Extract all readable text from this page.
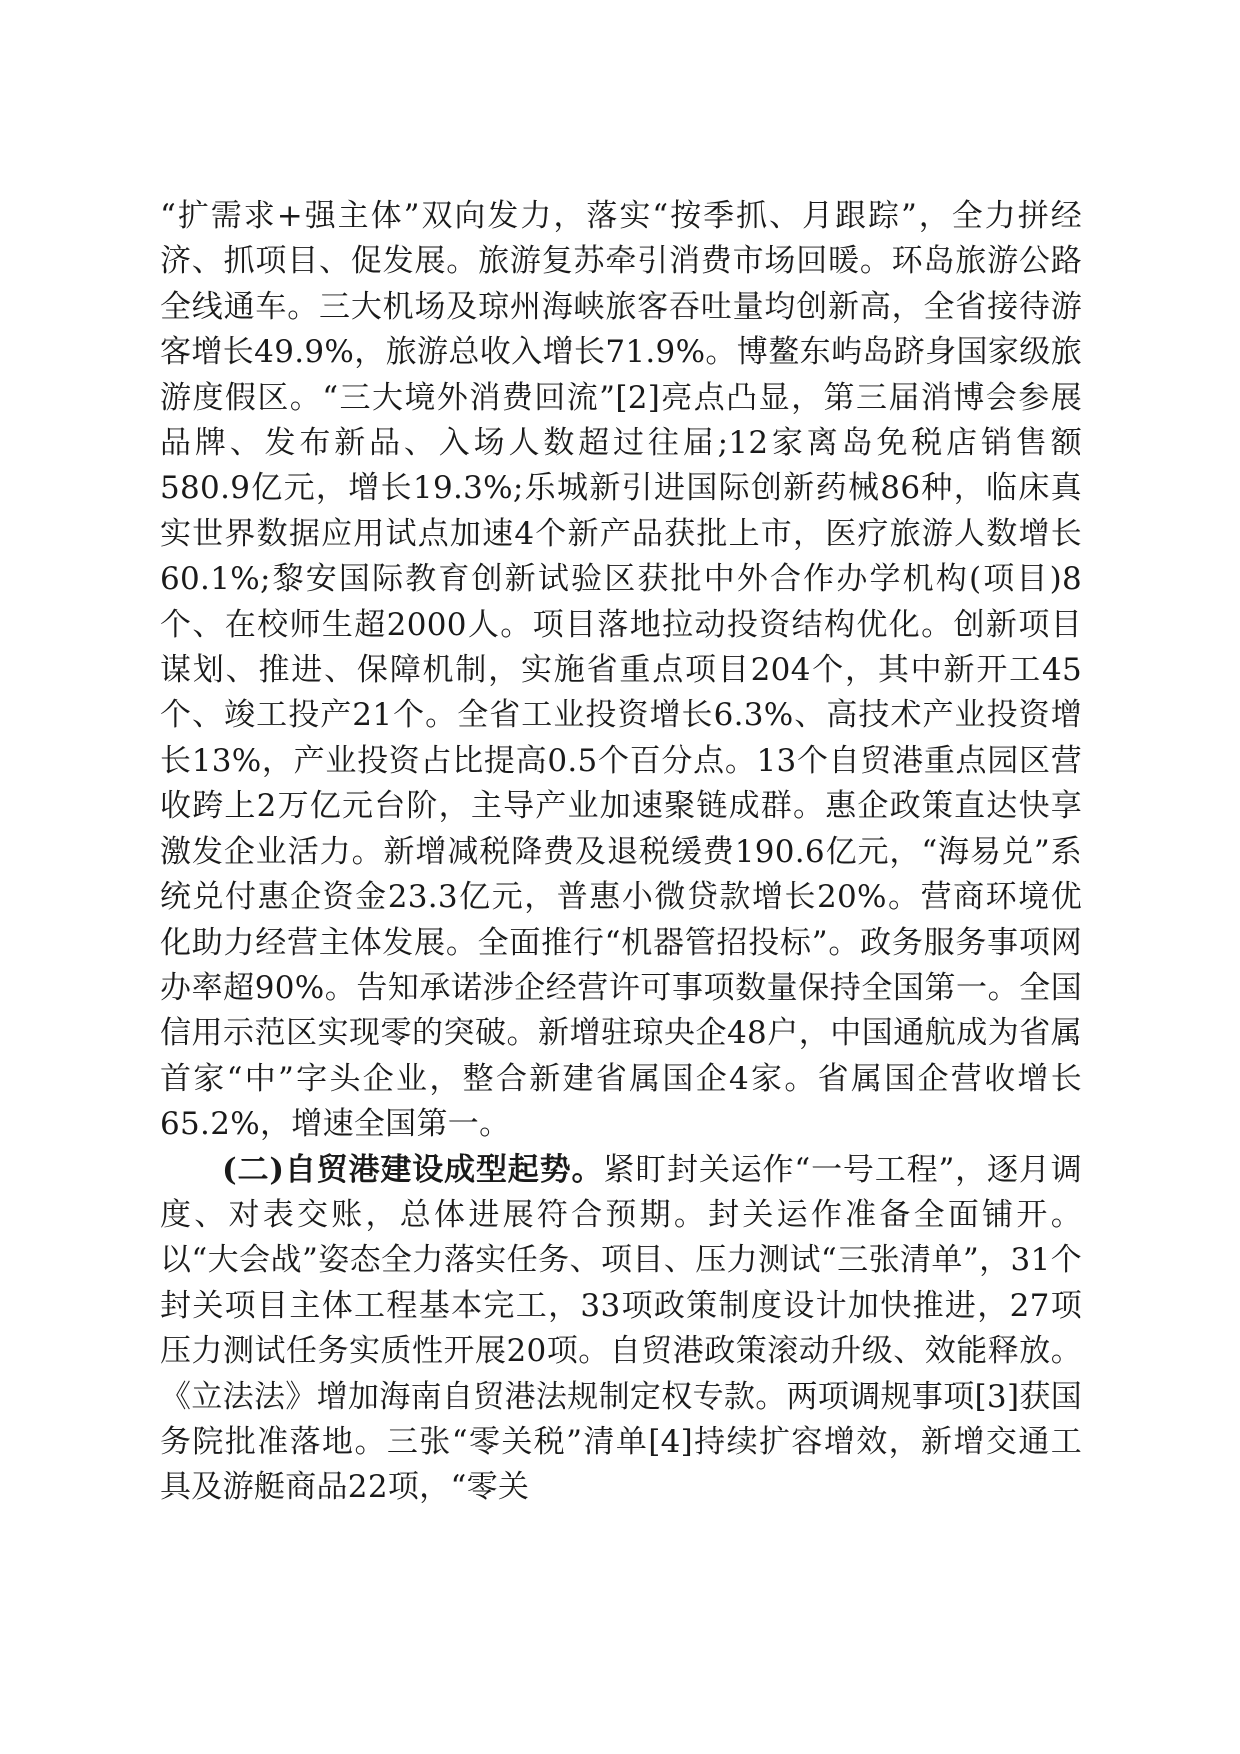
“扩需求+强主体”双向发力，落实“按季抓、月跟踪”，全力拼经济、抓项目、促发展。旅游复苏牵引消费市场回暖。环岛旅游公路全线通车。三大机场及琼州海峡旅客吞吐量均创新高，全省接待游客增长49.9%，旅游总收入增长71.9%。博鳌东屿岛跻身国家级旅游度假区。“三大境外消费回流”[2]亮点凸显，第三届消博会参展品牌、发布新品、入场人数超过往届;12家离岛免税店销售额580.9亿元，增长19.3%;乐城新引进国际创新药械86种，临床真实世界数据应用试点加速4个新产品获批上市，医疗旅游人数增长60.1%;黎安国际教育创新试验区获批中外合作办学机构(项目)8个、在校师生超2000人。项目落地拉动投资结构优化。创新项目谋划、推进、保障机制，实施省重点项目204个，其中新开工45个、竣工投产21个。全省工业投资增长6.3%、高技术产业投资增长13%，产业投资占比提高0.5个百分点。13个自贸港重点园区营收跨上2万亿元台阶，主导产业加速聚链成群。惠企政策直达快享激发企业活力。新增减税降费及退税缓费190.6亿元，“海易兑”系统兑付惠企资金23.3亿元，普惠小微贷款增长20%。营商环境优化助力经营主体发展。全面推行“机器管招投标”。政务服务事项网办率超90%。告知承诺涉企经营许可事项数量保持全国第一。全国信用示范区实现零的突破。新增驻琼央企48户，中国通航成为省属首家“中”字头企业，整合新建省属国企4家。省属国企营收增长65.2%，增速全国第一。

(二)自贸港建设成型起势。紧盯封关运作“一号工程”，逐月调度、对表交账，总体进展符合预期。封关运作准备全面铺开。以“大会战”姿态全力落实任务、项目、压力测试“三张清单”，31个封关项目主体工程基本完工，33项政策制度设计加快推进，27项压力测试任务实质性开展20项。自贸港政策滚动升级、效能释放。《立法法》增加海南自贸港法规制定权专款。两项调规事项[3]获国务院批准落地。三张“零关税”清单[4]持续扩容增效，新增交通工具及游艇商品22项，“零关
